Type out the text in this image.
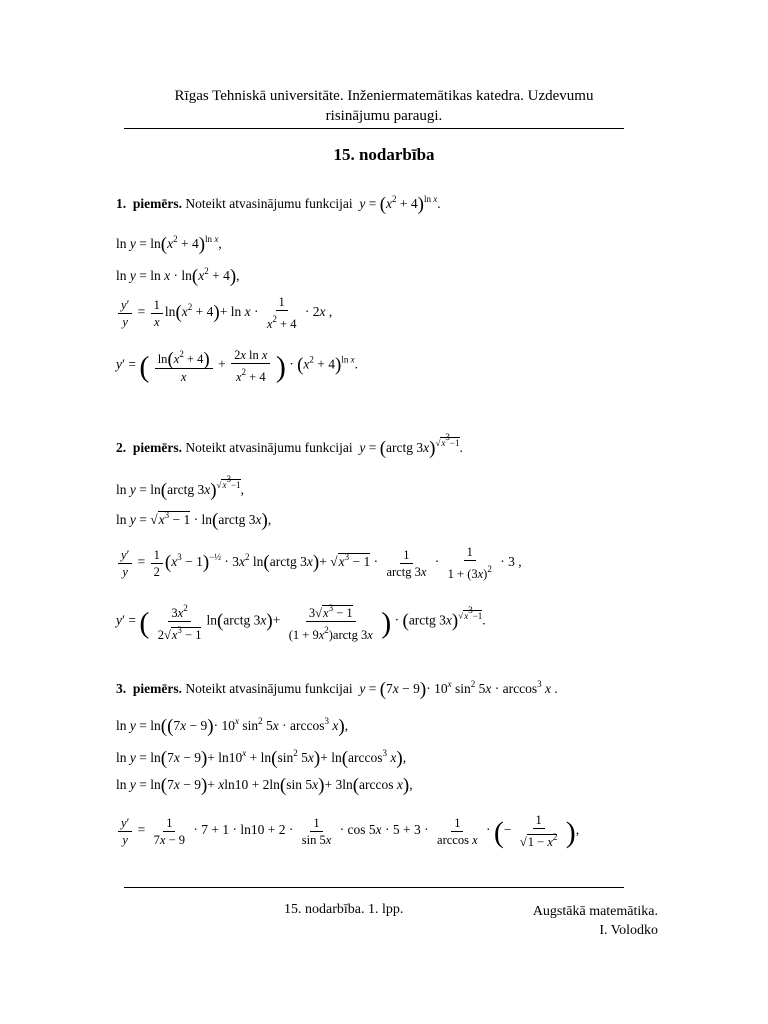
Rīgas Tehniskā universitāte. Inženiermatemātikas katedra. Uzdevumu
risinājumu paraugi.
15. nodarbība
1. piemērs. Noteikt atvasinājumu funkcijai $y = (x^2 + 4)^{ln x}$.
$\ln y = \ln(x^2 + 4)^{ln x}$,
$\ln y = \ln x \cdot \ln(x^2 + 4)$,
$\frac{y'}{y} = \frac{1}{x} \ln(x^2 + 4)+ \ln x \cdot \frac{1}{x^2 + 4} \cdot 2x$ ,
y′ = ( $\frac{\ln(x^2 + 4)}{x} + \frac{\text{2x ln x}}{x^2 + 4}$ ) · $(x^2 + 4)^{ln x}$.
2. piemērs. Noteikt atvasinājumu funkcijai y = (arctg 3x)$^{√x^3-1}$.
ln y = ln(arctg 3x)$^{√x^3-1}$,
$\ln y = √x^3 - 1$ · ln(arctg 3x),
$\frac{y'}{y} = \frac{1}{2} (x^3 - 1)^{-\frac{1}{2}} \cdot 3x^2$ ln(arctg $3x)+ √x^3 - 1 \cdot \frac{1}{\text{arctg 3x}} \cdot \frac{1}{1 + (3x)^2} \cdot 3$ ,
y′ = ( $\frac{3x^2}{2√x^3 - 1}$ ln(arctg $3x)+ \frac{3√x^3 - 1}{(1 + 9x^2)arctg 3x}$ ) · (arctg 3x)$^{√x^3-1}$.
3. piemērs. Noteikt atvasinājumu funkcijai $y = (7x - 9)\cdot 10^x$ $\sin^2 5x \cdot \arccos^3 x$ .
$\ln y = \ln((7x - 9)\cdot 10^x$ $\sin^2 5x \cdot \arccos^3 x$),
$\ln y = \ln(7x - 9)+ \ln 10^x + \ln(\sin^2$ $5x)+ \ln(\arccos^3$ x),
ln y = ln(7x − 9)+ xln10 + 2ln(sin 5x)+ 3ln(arccos x),
$\frac{y'}{y} = \frac{1}{7x - 9} \cdot 7 + 1 \cdot \ln 10 + 2 \cdot \frac{1}{\sin 5x} \cdot \cos 5x \cdot 5 + 3 \cdot \frac{1}{\text{arccos x}}$ · (− $\frac{1}{√1 - x^2}$ ),
15. nodarbība. 1. lpp.	Augstākā matemātika.
I. Volodko
